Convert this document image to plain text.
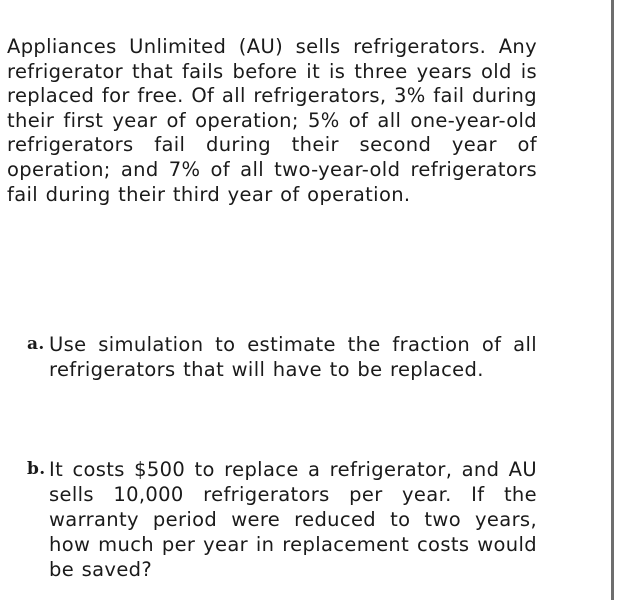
Appliances Unlimited (AU) sells refrigerators. Any refrigerator that fails before it is three years old is replaced for free. Of all refrigerators, 3% fail during their first year of operation; 5% of all one-year-old refrigerators fail during their second year of operation; and 7% of all two-year-old refrigerators fail during their third year of operation.

a. Use simulation to estimate the fraction of all refrigerators that will have to be replaced.
b. It costs $500 to replace a refrigerator, and AU sells 10,000 refrigerators per year. If the warranty period were reduced to two years, how much per year in replacement costs would be saved?
